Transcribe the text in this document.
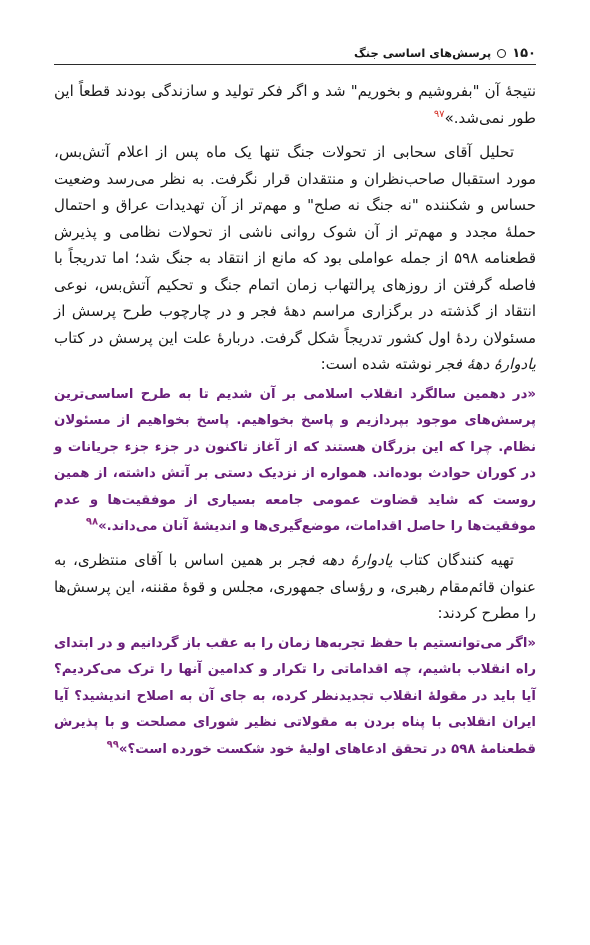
۱۵۰
پرسش‌های اساسی جنگ

نتیجهٔ آن "بفروشیم و بخوریم" شد و اگر فکر تولید و سازندگی بودند قطعاً این طور نمی‌شد.»$^{۹۷}$

تحلیل آقای سحابی از تحولات جنگ تنها یک ماه پس از اعلام آتش‌بس، مورد استقبال صاحب‌نظران و منتقدان قرار نگرفت. به نظر می‌رسد وضعیت حساس و شکننده "نه جنگ نه صلح" و مهم‌تر از آن تهدیدات عراق و احتمال حملهٔ مجدد و مهم‌تر از آن شوک روانی ناشی از تحولات نظامی و پذیرش قطعنامه ۵۹۸ از جمله عواملی بود که مانع از انتقاد به جنگ شد؛ اما تدریجاً با فاصله گرفتن از روزهای پرالتهاب زمان اتمام جنگ و تحکیم آتش‌بس، نوعی انتقاد از گذشته در برگزاری مراسم دههٔ فجر و در چارچوب طرح پرسش از مسئولان ردهٔ اول کشور تدریجاً شکل گرفت. دربارهٔ علت این پرسش در کتاب یادوارهٔ دههٔ فجر نوشته شده است:

«در دهمین سالگرد انقلاب اسلامی بر آن شدیم تا به طرح اساسی‌ترین پرسش‌های موجود بپردازیم و پاسخ بخواهیم. پاسخ بخواهیم از مسئولان نظام. چرا که این بزرگان هستند که از آغاز تاکنون در جزء جزء جریانات و در کوران حوادث بوده‌اند. همواره از نزدیک دستی بر آتش داشته، از همین روست که شاید قضاوت عمومی جامعه بسیاری از موفقیت‌ها و عدم موفقیت‌ها را حاصل اقدامات، موضع‌گیری‌ها و اندیشهٔ آنان می‌داند.»$^{۹۸}$

تهیه کنندگان کتاب یادوارهٔ دهه فجر بر همین اساس با آقای منتظری، به عنوان قائم‌مقام رهبری، و رؤسای جمهوری، مجلس و قوهٔ مقننه، این پرسش‌ها را مطرح کردند:

«اگر می‌توانستیم با حفظ تجربه‌ها زمان را به عقب باز گردانیم و در ابتدای راه انقلاب باشیم، چه اقداماتی را تکرار و کدامین آنها را ترک می‌کردیم؟ آیا باید در مقولهٔ انقلاب تجدیدنظر کرده، به جای آن به اصلاح اندیشید؟ آیا ایران انقلابی با پناه بردن به مقولاتی نظیر شورای مصلحت و با پذیرش قطعنامهٔ ۵۹۸ در تحقق ادعاهای اولیهٔ خود شکست خورده است؟»$^{۹۹}$
